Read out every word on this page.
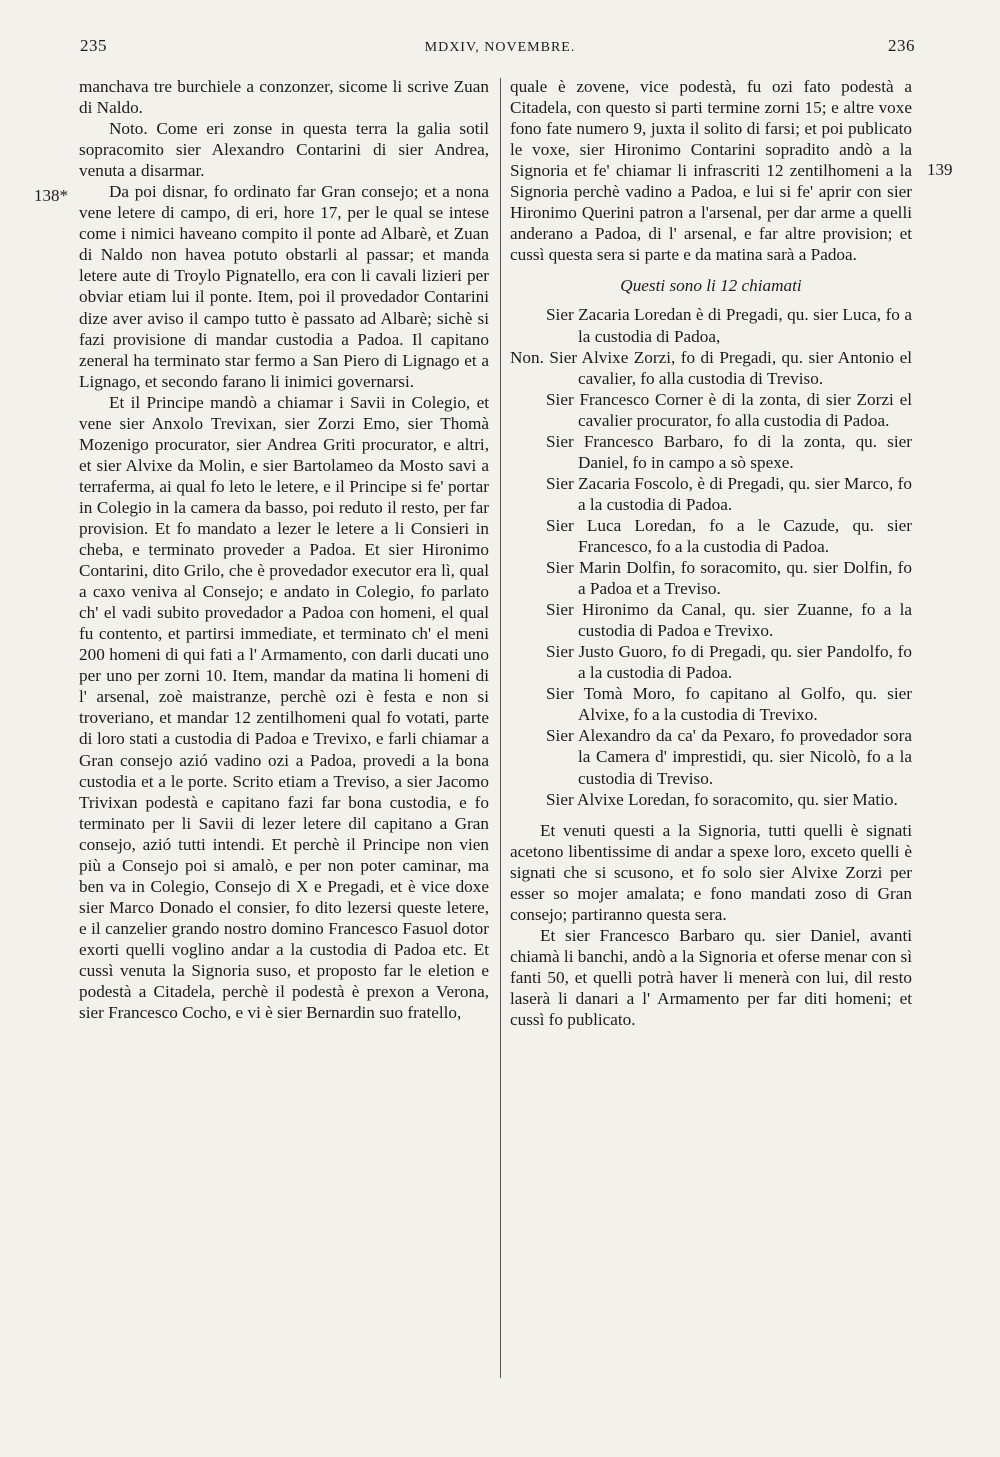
235	MDXIV, NOVEMBRE.	236
138*
139

manchava tre burchiele a conzonzer, sicome li scrive Zuan di Naldo.

Noto. Come eri zonse in questa terra la galia sotil sopracomito sier Alexandro Contarini di sier Andrea, venuta a disarmar.

Da poi disnar, fo ordinato far Gran consejo; et a nona vene letere di campo, di eri, hore 17, per le qual se intese come i nimici haveano compito il ponte ad Albarè, et Zuan di Naldo non havea potuto obstarli al passar; et manda letere aute di Troylo Pignatello, era con li cavali lizieri per obviar etiam lui il ponte. Item, poi il provedador Contarini dize aver aviso il campo tutto è passato ad Albarè; sichè si fazi provisione di mandar custodia a Padoa. Il capitano zeneral ha terminato star fermo a San Piero di Lignago et a Lignago, et secondo farano li inimici governarsi.

Et il Principe mandò a chiamar i Savii in Colegio, et vene sier Anxolo Trevixan, sier Zorzi Emo, sier Thomà Mozenigo procurator, sier Andrea Griti procurator, e altri, et sier Alvixe da Molin, e sier Bartolameo da Mosto savi a terraferma, ai qual fo leto le letere, e il Principe si fe' portar in Colegio in la camera da basso, poi reduto il resto, per far provision. Et fo mandato a lezer le letere a li Consieri in cheba, e terminato proveder a Padoa. Et sier Hironimo Contarini, dito Grilo, che è provedador executor era lì, qual a caxo veniva al Consejo; e andato in Colegio, fo parlato ch' el vadi subito provedador a Padoa con homeni, el qual fu contento, et partirsi immediate, et terminato ch' el meni 200 homeni di qui fati a l' Armamento, con darli ducati uno per uno per zorni 10. Item, mandar da matina li homeni di l' arsenal, zoè maistranze, perchè ozi è festa e non si troveriano, et mandar 12 zentilhomeni qual fo votati, parte di loro stati a custodia di Padoa e Trevixo, e farli chiamar a Gran consejo azió vadino ozi a Padoa, provedi a la bona custodia et a le porte. Scrito etiam a Treviso, a sier Jacomo Trivixan podestà e capitano fazi far bona custodia, e fo terminato per li Savii di lezer letere dil capitano a Gran consejo, azió tutti intendi. Et perchè il Principe non vien più a Consejo poi si amalò, e per non poter caminar, ma ben va in Colegio, Consejo di X e Pregadi, et è vice doxe sier Marco Donado el consier, fo dito lezersi queste letere, e il canzelier grando nostro domino Francesco Fasuol dotor exorti quelli voglino andar a la custodia di Padoa etc. Et cussì venuta la Signoria suso, et proposto far le eletion e podestà a Citadela, perchè il podestà è prexon a Verona, sier Francesco Cocho, e vi è sier Bernardin suo fratello,

quale è zovene, vice podestà, fu ozi fato podestà a Citadela, con questo si parti termine zorni 15; e altre voxe fono fate numero 9, juxta il solito di farsi; et poi publicato le voxe, sier Hironimo Contarini sopradito andò a la Signoria et fe' chiamar li infrascriti 12 zentilhomeni a la Signoria perchè vadino a Padoa, e lui si fe' aprir con sier Hironimo Querini patron a l'arsenal, per dar arme a quelli anderano a Padoa, di l' arsenal, e far altre provision; et cussì questa sera si parte e da matina sarà a Padoa.

Questi sono li 12 chiamati

Sier Zacaria Loredan è di Pregadi, qu. sier Luca, fo a la custodia di Padoa,

Non. Sier Alvixe Zorzi, fo di Pregadi, qu. sier Antonio el cavalier, fo alla custodia di Treviso.

Sier Francesco Corner è di la zonta, di sier Zorzi el cavalier procurator, fo alla custodia di Padoa.

Sier Francesco Barbaro, fo di la zonta, qu. sier Daniel, fo in campo a sò spexe.

Sier Zacaria Foscolo, è di Pregadi, qu. sier Marco, fo a la custodia di Padoa.

Sier Luca Loredan, fo a le Cazude, qu. sier Francesco, fo a la custodia di Padoa.

Sier Marin Dolfin, fo soracomito, qu. sier Dolfin, fo a Padoa et a Treviso.

Sier Hironimo da Canal, qu. sier Zuanne, fo a la custodia di Padoa e Trevixo.

Sier Justo Guoro, fo di Pregadi, qu. sier Pandolfo, fo a la custodia di Padoa.

Sier Tomà Moro, fo capitano al Golfo, qu. sier Alvixe, fo a la custodia di Trevixo.

Sier Alexandro da ca' da Pexaro, fo provedador sora la Camera d' imprestidi, qu. sier Nicolò, fo a la custodia di Treviso.

Sier Alvixe Loredan, fo soracomito, qu. sier Matio.

Et venuti questi a la Signoria, tutti quelli è signati acetono libentissime di andar a spexe loro, exceto quelli è signati che si scusono, et fo solo sier Alvixe Zorzi per esser so mojer amalata; e fono mandati zoso di Gran consejo; partiranno questa sera.

Et sier Francesco Barbaro qu. sier Daniel, avanti chiamà li banchi, andò a la Signoria et oferse menar con sì fanti 50, et quelli potrà haver li menerà con lui, dil resto laserà li danari a l' Armamento per far diti homeni; et cussì fo publicato.
